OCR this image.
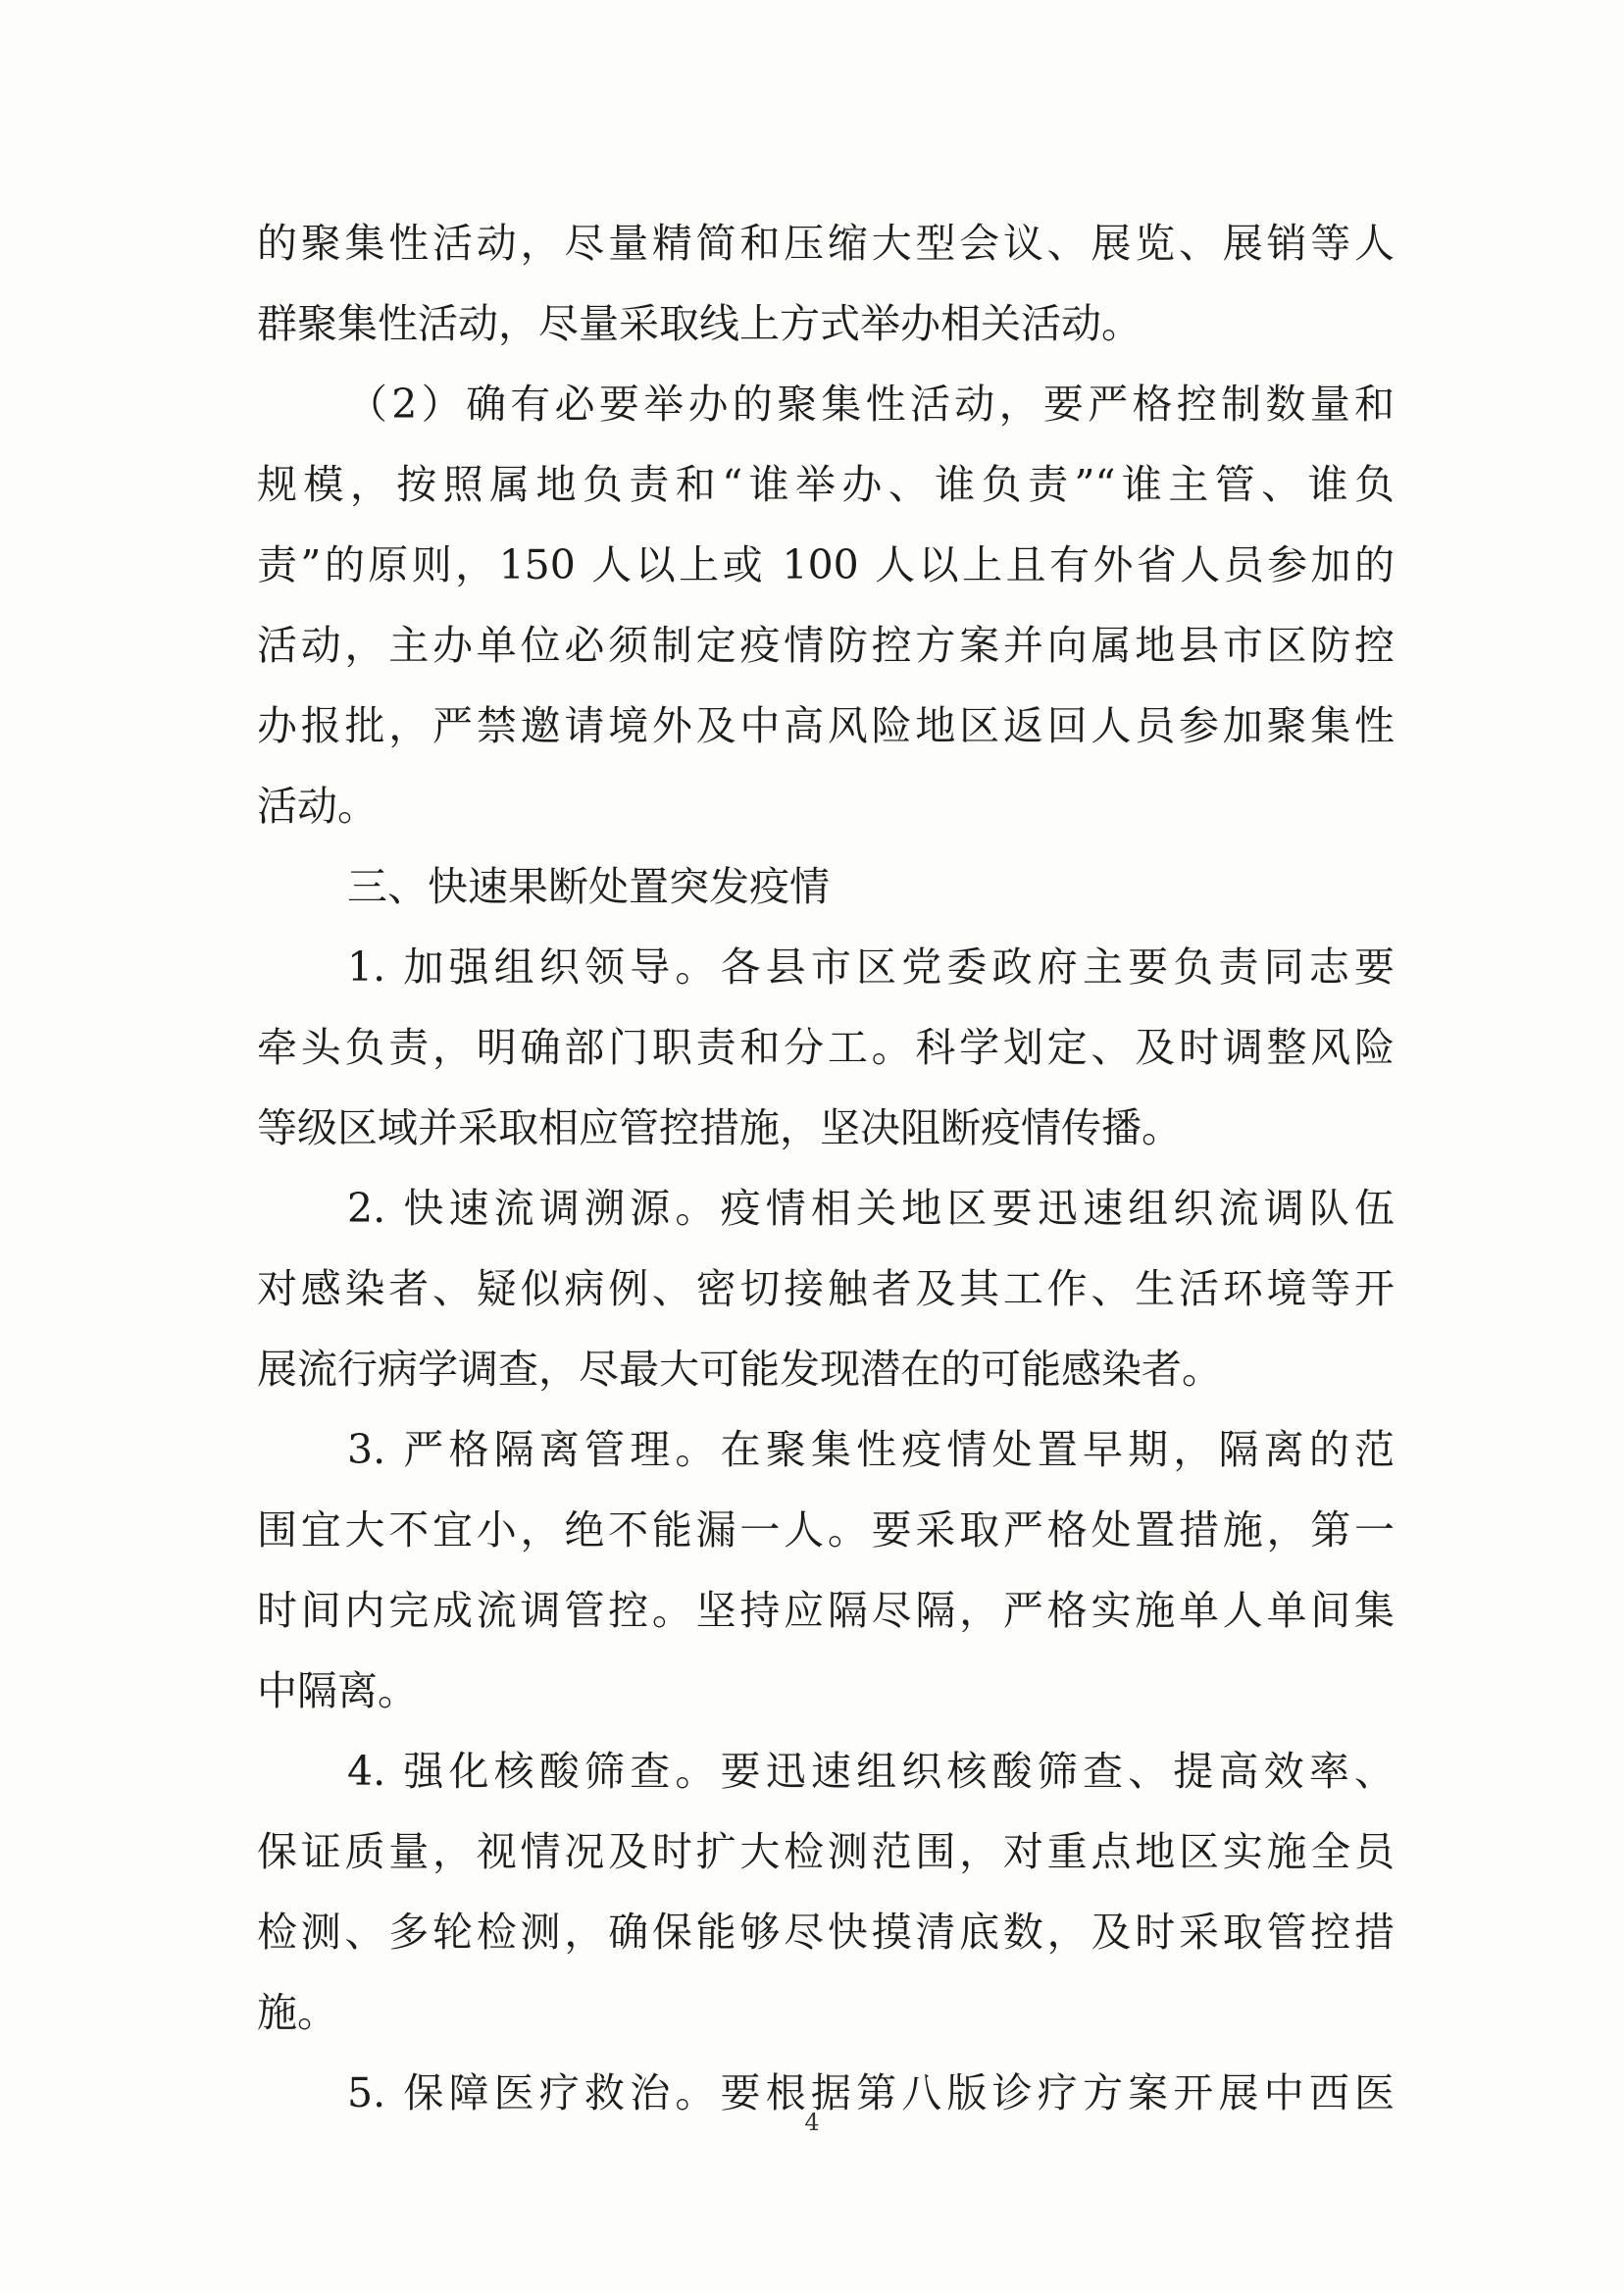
的聚集性活动，尽量精简和压缩大型会议、展览、展销等人
群聚集性活动，尽量采取线上方式举办相关活动。
（2）确有必要举办的聚集性活动，要严格控制数量和
规模，按照属地负责和“谁举办、谁负责”“谁主管、谁负
责”的原则，150 人以上或 100 人以上且有外省人员参加的
活动，主办单位必须制定疫情防控方案并向属地县市区防控
办报批，严禁邀请境外及中高风险地区返回人员参加聚集性
活动。
三、快速果断处置突发疫情
1. 加强组织领导。各县市区党委政府主要负责同志要
牵头负责，明确部门职责和分工。科学划定、及时调整风险
等级区域并采取相应管控措施，坚决阻断疫情传播。
2. 快速流调溯源。疫情相关地区要迅速组织流调队伍
对感染者、疑似病例、密切接触者及其工作、生活环境等开
展流行病学调查，尽最大可能发现潜在的可能感染者。
3. 严格隔离管理。在聚集性疫情处置早期，隔离的范
围宜大不宜小，绝不能漏一人。要采取严格处置措施，第一
时间内完成流调管控。坚持应隔尽隔，严格实施单人单间集
中隔离。
4. 强化核酸筛查。要迅速组织核酸筛查、提高效率、
保证质量，视情况及时扩大检测范围，对重点地区实施全员
检测、多轮检测，确保能够尽快摸清底数，及时采取管控措
施。
5. 保障医疗救治。要根据第八版诊疗方案开展中西医
4
